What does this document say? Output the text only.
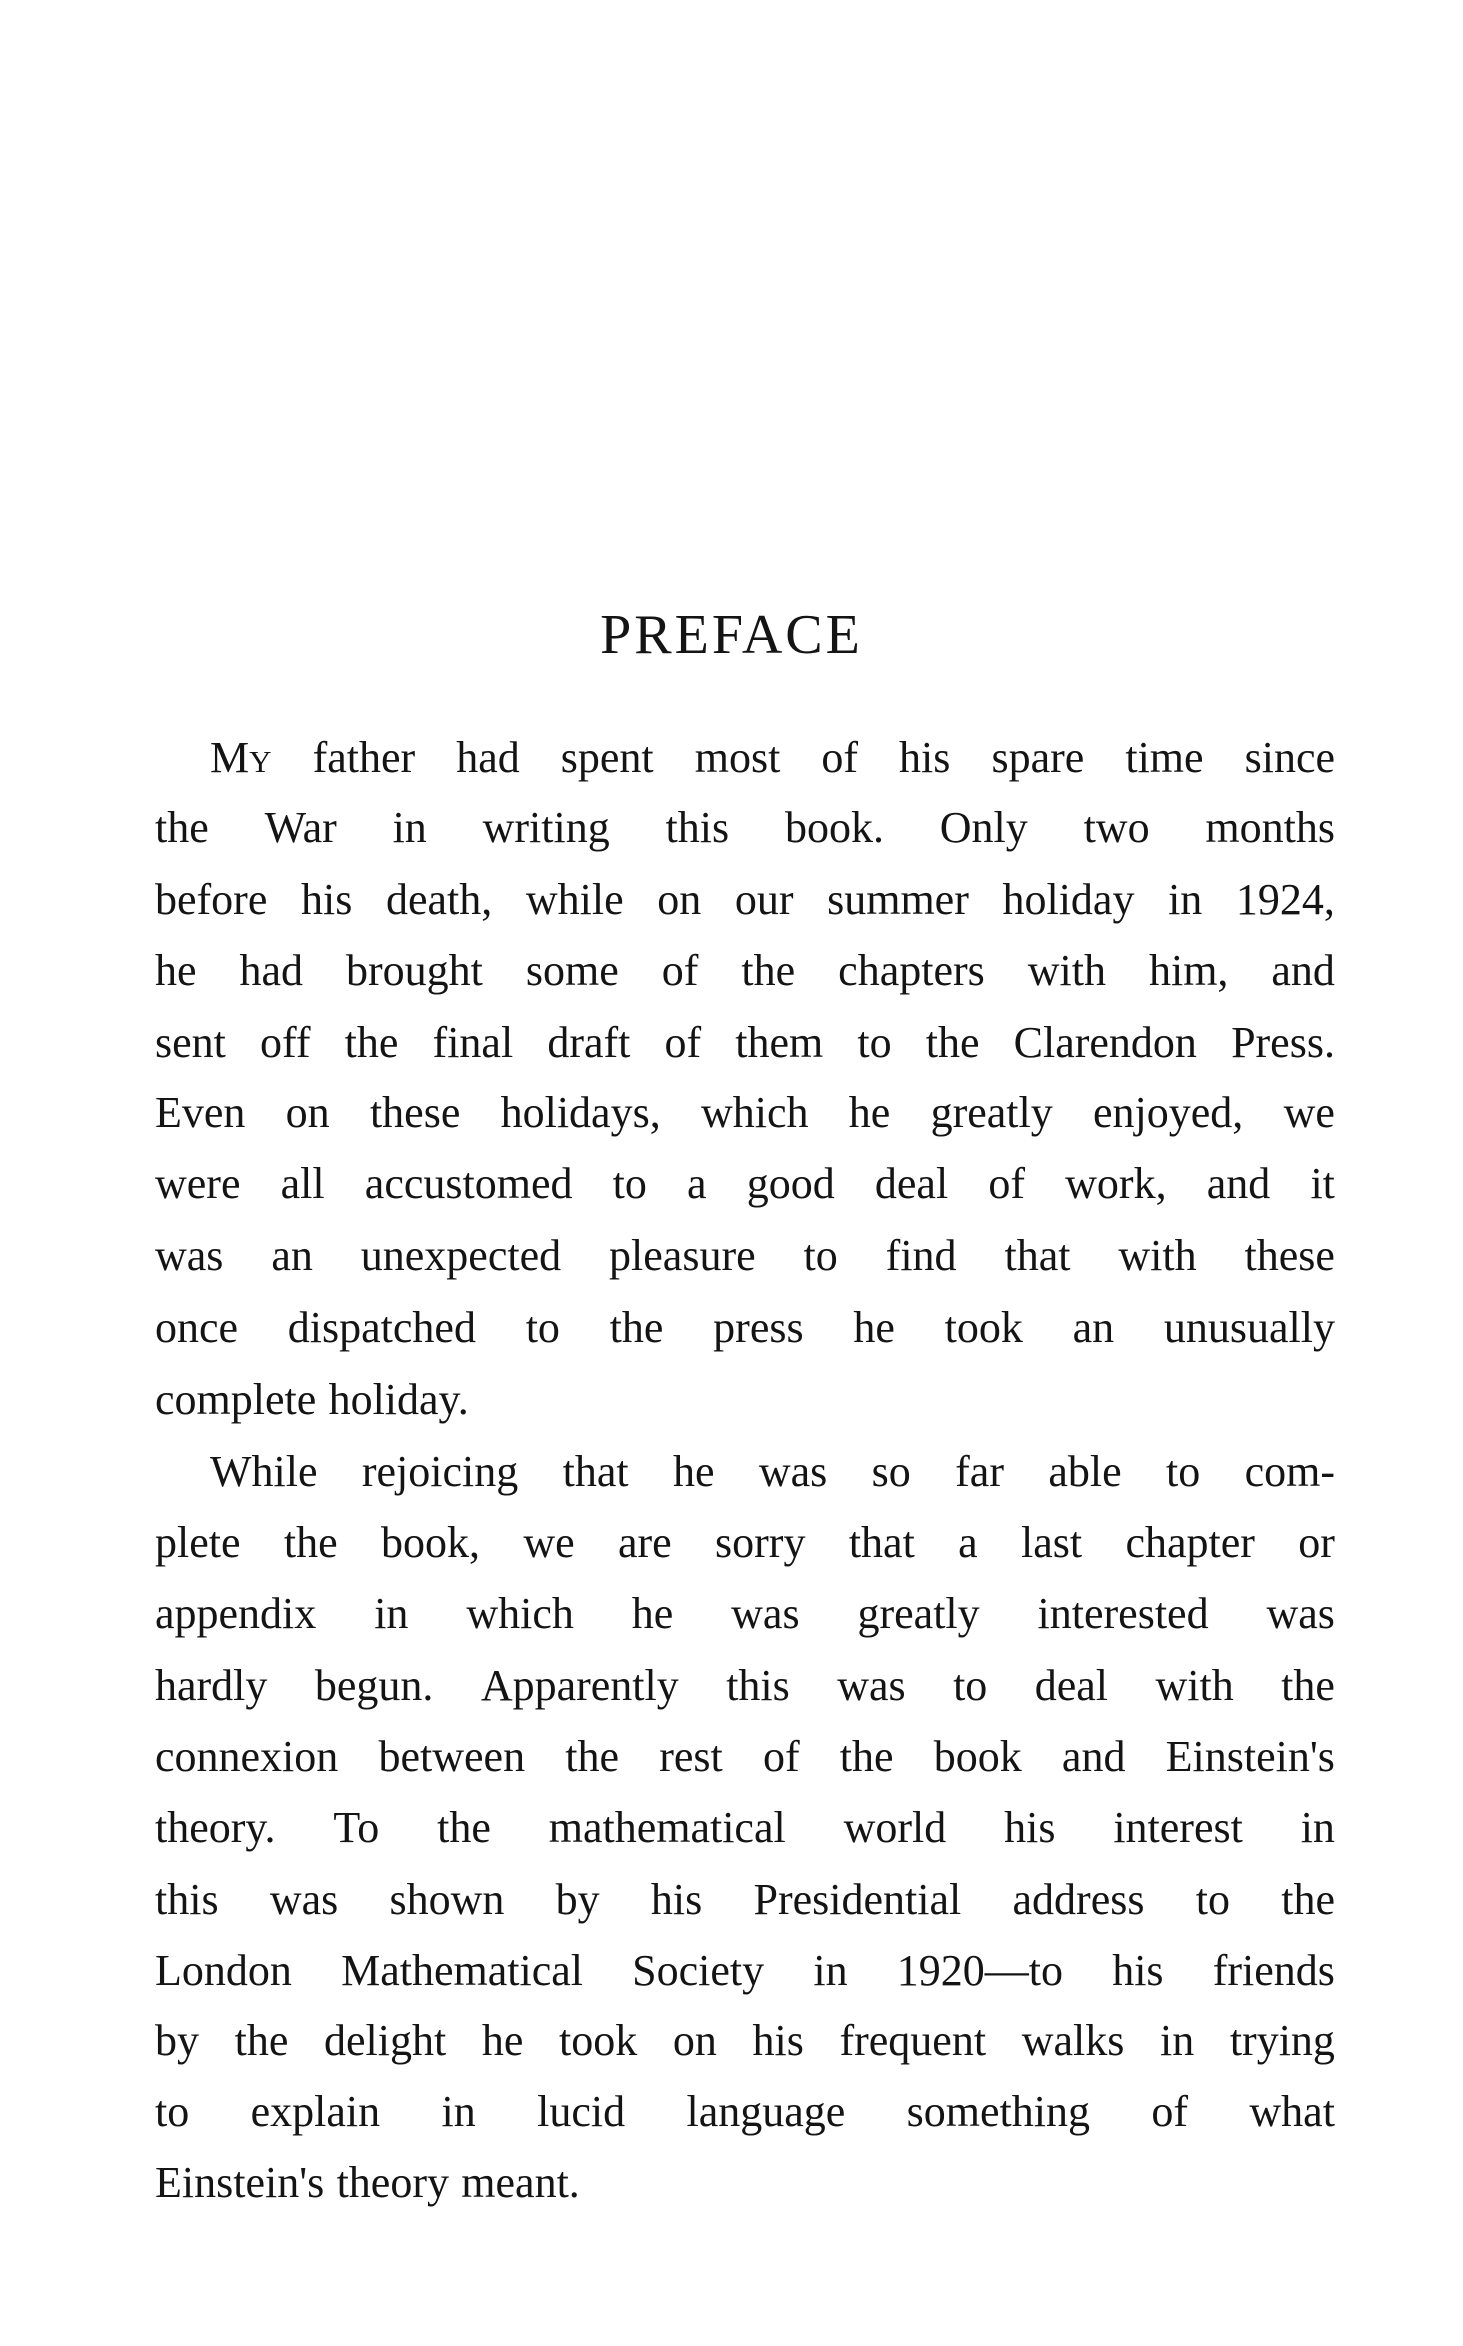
PREFACE
My father had spent most of his spare time since
the War in writing this book. Only two months
before his death, while on our summer holiday in 1924,
he had brought some of the chapters with him, and
sent off the final draft of them to the Clarendon Press.
Even on these holidays, which he greatly enjoyed, we
were all accustomed to a good deal of work, and it
was an unexpected pleasure to find that with these
once dispatched to the press he took an unusually
complete holiday.
While rejoicing that he was so far able to com-
plete the book, we are sorry that a last chapter or
appendix in which he was greatly interested was
hardly begun. Apparently this was to deal with the
connexion between the rest of the book and Einstein's
theory. To the mathematical world his interest in
this was shown by his Presidential address to the
London Mathematical Society in 1920—to his friends
by the delight he took on his frequent walks in trying
to explain in lucid language something of what
Einstein's theory meant.
